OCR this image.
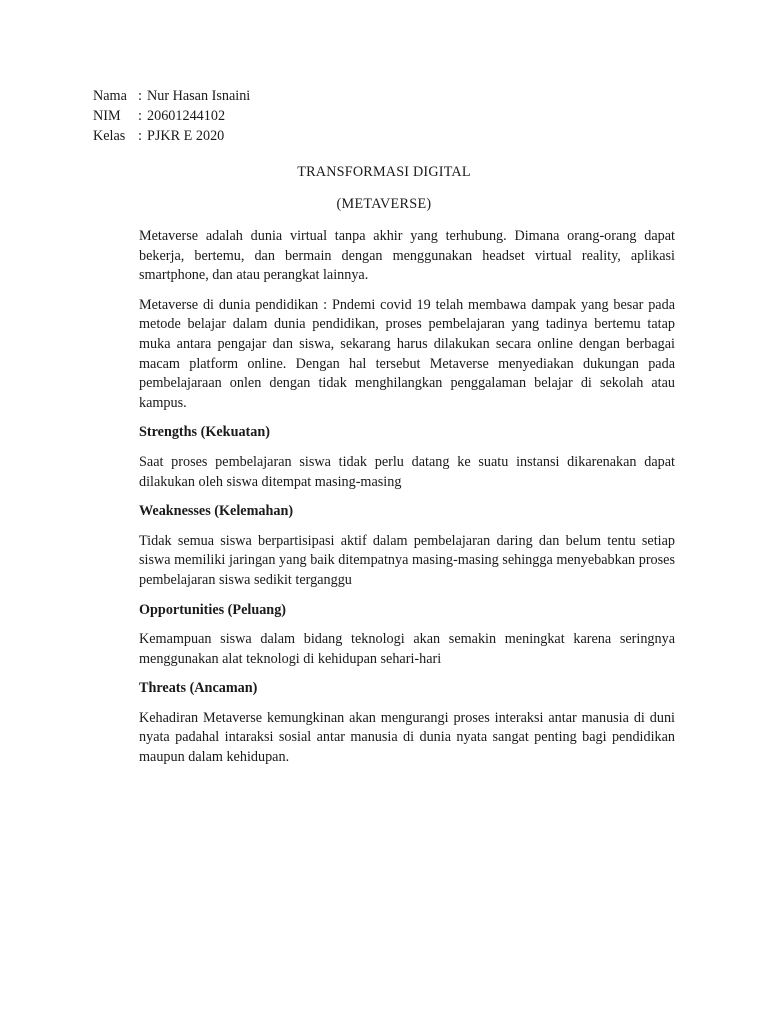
Nama : Nur Hasan Isnaini
NIM	: 20601244102
Kelas : PJKR E 2020
TRANSFORMASI DIGITAL
(METAVERSE)

Metaverse adalah dunia virtual tanpa akhir yang terhubung. Dimana orang-orang dapat bekerja, bertemu, dan bermain dengan menggunakan headset virtual reality, aplikasi smartphone, dan atau perangkat lainnya.

Metaverse di dunia pendidikan : Pndemi covid 19 telah membawa dampak yang besar pada metode belajar dalam dunia pendidikan, proses pembelajaran yang tadinya bertemu tatap muka antara pengajar dan siswa, sekarang harus dilakukan secara online dengan berbagai macam platform online. Dengan hal tersebut Metaverse menyediakan dukungan pada pembelajaraan onlen dengan tidak menghilangkan penggalaman belajar di sekolah atau kampus.

Strengths (Kekuatan)

Saat proses pembelajaran siswa tidak perlu datang ke suatu instansi dikarenakan dapat dilakukan oleh siswa ditempat masing-masing

Weaknesses (Kelemahan)

Tidak semua siswa berpartisipasi aktif dalam pembelajaran daring dan belum tentu setiap siswa memiliki jaringan yang baik ditempatnya masing-masing sehingga menyebabkan proses pembelajaran siswa sedikit terganggu

Opportunities (Peluang)

Kemampuan siswa dalam bidang teknologi akan semakin meningkat karena seringnya menggunakan alat teknologi di kehidupan sehari-hari

Threats (Ancaman)

Kehadiran Metaverse kemungkinan akan mengurangi proses interaksi antar manusia di duni nyata padahal intaraksi sosial antar manusia di dunia nyata sangat penting bagi pendidikan maupun dalam kehidupan.
